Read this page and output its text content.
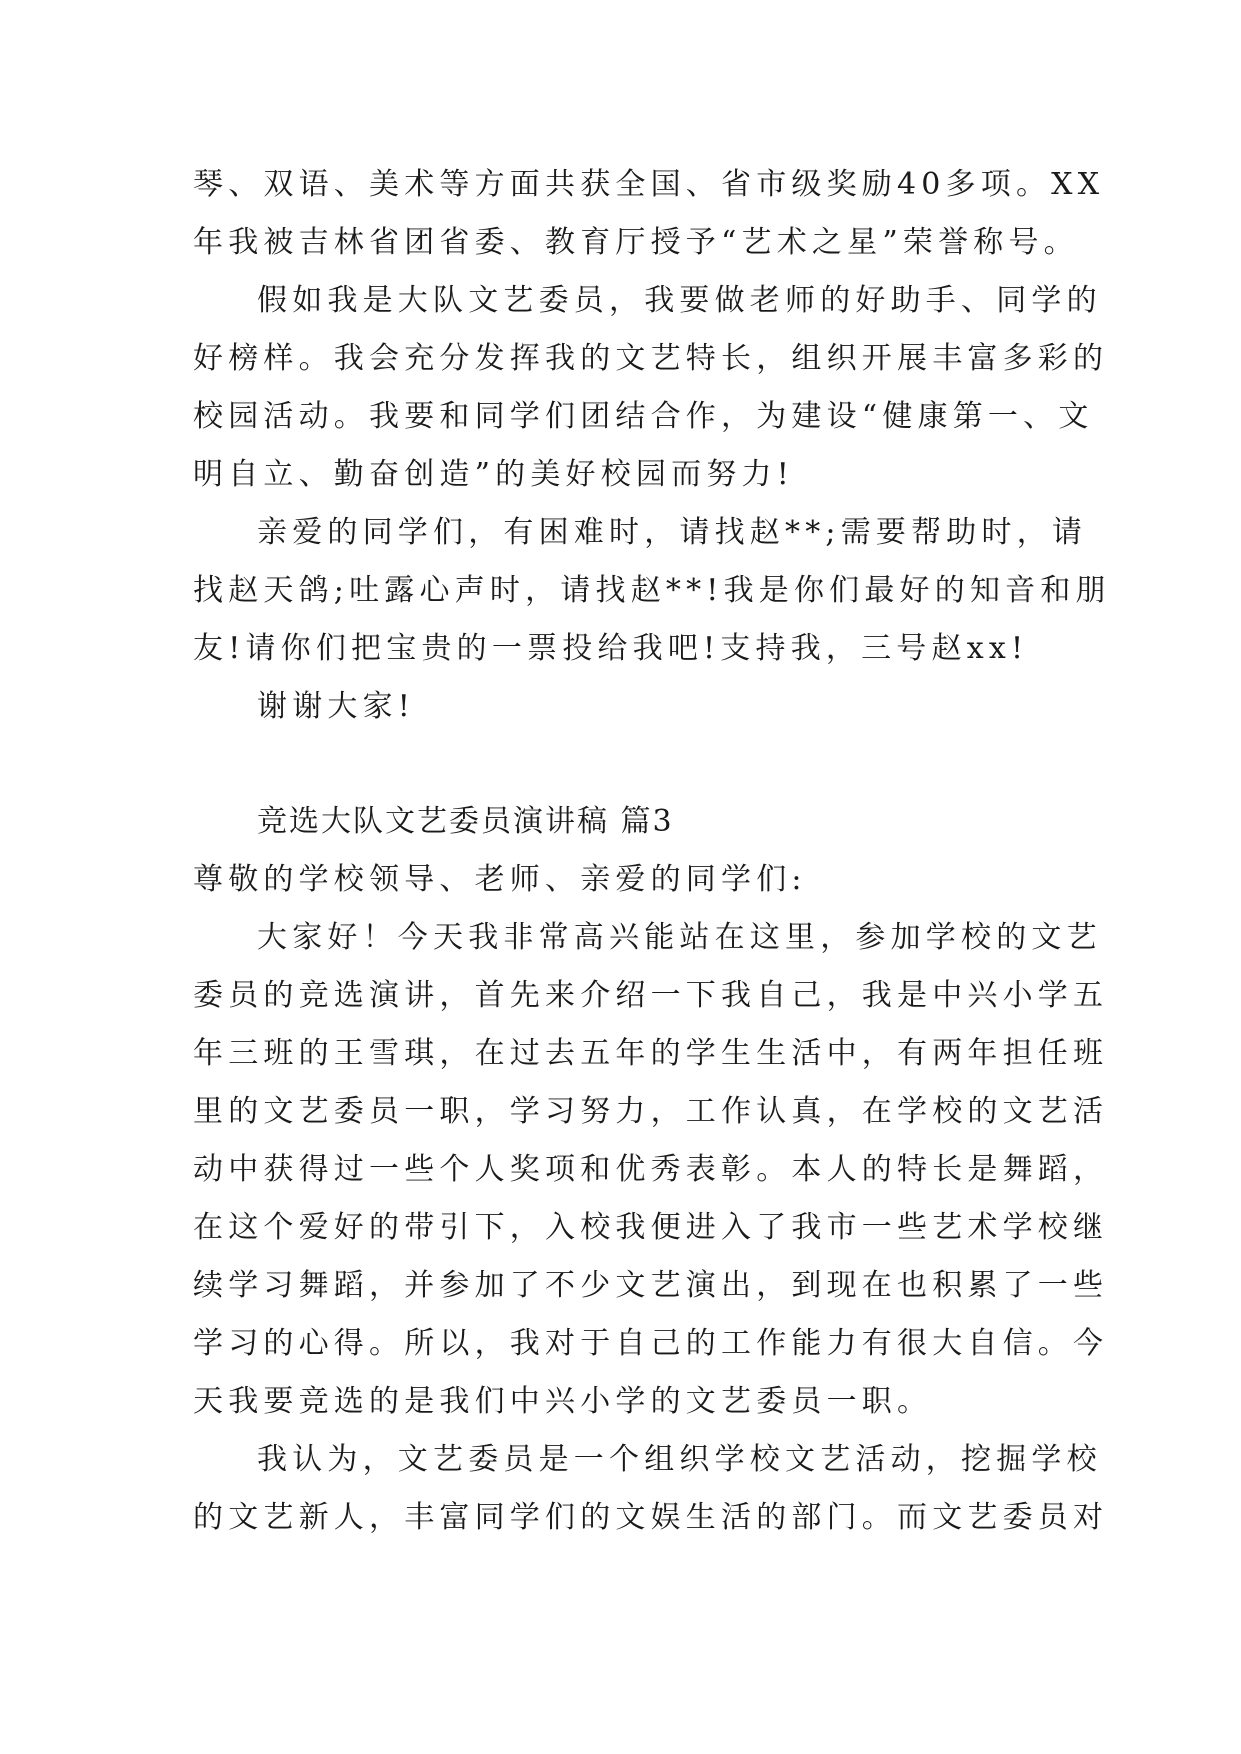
琴、双语、美术等方面共获全国、省市级奖励40多项。XX
年我被吉林省团省委、教育厅授予“艺术之星”荣誉称号。
假如我是大队文艺委员，我要做老师的好助手、同学的
好榜样。我会充分发挥我的文艺特长，组织开展丰富多彩的
校园活动。我要和同学们团结合作，为建设“健康第一、文
明自立、勤奋创造”的美好校园而努力!
亲爱的同学们，有困难时，请找赵**;需要帮助时，请
找赵天鸽;吐露心声时，请找赵**!我是你们最好的知音和朋
友!请你们把宝贵的一票投给我吧!支持我，三号赵xx!
谢谢大家!
竞选大队文艺委员演讲稿 篇3
尊敬的学校领导、老师、亲爱的同学们:
大家好！今天我非常高兴能站在这里，参加学校的文艺
委员的竞选演讲，首先来介绍一下我自己，我是中兴小学五
年三班的王雪琪，在过去五年的学生生活中，有两年担任班
里的文艺委员一职，学习努力，工作认真，在学校的文艺活
动中获得过一些个人奖项和优秀表彰。本人的特长是舞蹈，
在这个爱好的带引下，入校我便进入了我市一些艺术学校继
续学习舞蹈，并参加了不少文艺演出，到现在也积累了一些
学习的心得。所以，我对于自己的工作能力有很大自信。今
天我要竞选的是我们中兴小学的文艺委员一职。
我认为，文艺委员是一个组织学校文艺活动，挖掘学校
的文艺新人，丰富同学们的文娱生活的部门。而文艺委员对
